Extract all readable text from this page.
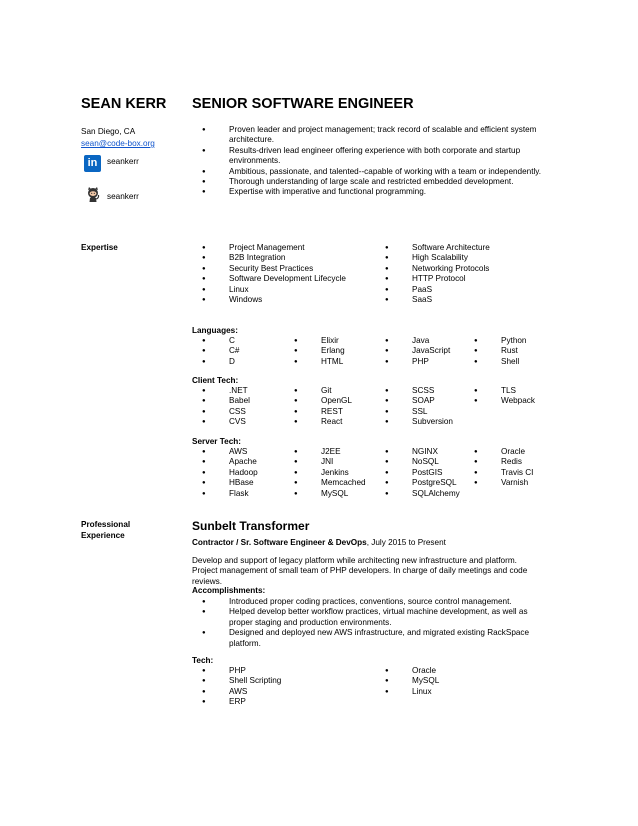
SEAN KERR SENIOR SOFTWARE ENGINEER
San Diego, CA
sean@code-box.org
in	seankerr
seankerr
● Proven leader and project management; track record of scalable and efficient system architecture.
● Results-driven lead engineer offering experience with both corporate and startup environments.
● Ambitious, passionate, and talented--capable of working with a team or independently.
● Thorough understanding of large scale and restricted embedded development.
● Expertise with imperative and functional programming.
Expertise
●	Project Management
● B2B Integration
● Security Best Practices
● Software Development Lifecycle
● Linux
● Windows
● Software Architecture
● High Scalability
● Networking Protocols
● HTTP Protocol
● PaaS
● SaaS
Languages:
● C
● C#
● D
● Elixir
● Erlang
● HTML
● Java
● JavaScript
● PHP
● Python
● Rust
● Shell
Client Tech:
● .NET
● Babel
● CSS
● CVS
● Git
● OpenGL
● REST
● React
● SCSS
● SOAP
● SSL
● Subversion
● TLS
● Webpack
Server Tech:
● AWS
● Apache
● Hadoop
● HBase
● Flask
● J2EE
● JNI
● Jenkins
● Memcached
● MySQL
● NGINX
● NoSQL
● PostGIS
● PostgreSQL
● SQLAlchemy
● Oracle
● Redis
● Travis CI
● Varnish
Professional
Experience
Sunbelt Transformer
Contractor / Sr. Software Engineer & DevOps, July 2015 to Present
Develop and support of legacy platform while architecting new infrastructure and platform. Project management of small team of PHP developers. In charge of daily meetings and code reviews.
Accomplishments:
● Introduced proper coding practices, conventions, source control management.
● Helped develop better workflow practices, virtual machine development, as well as proper staging and production environments.
● Designed and deployed new AWS infrastructure, and migrated existing RackSpace platform.
Tech:
● PHP
● Shell Scripting
● AWS
● ERP
● Oracle
● MySQL
● Linux
